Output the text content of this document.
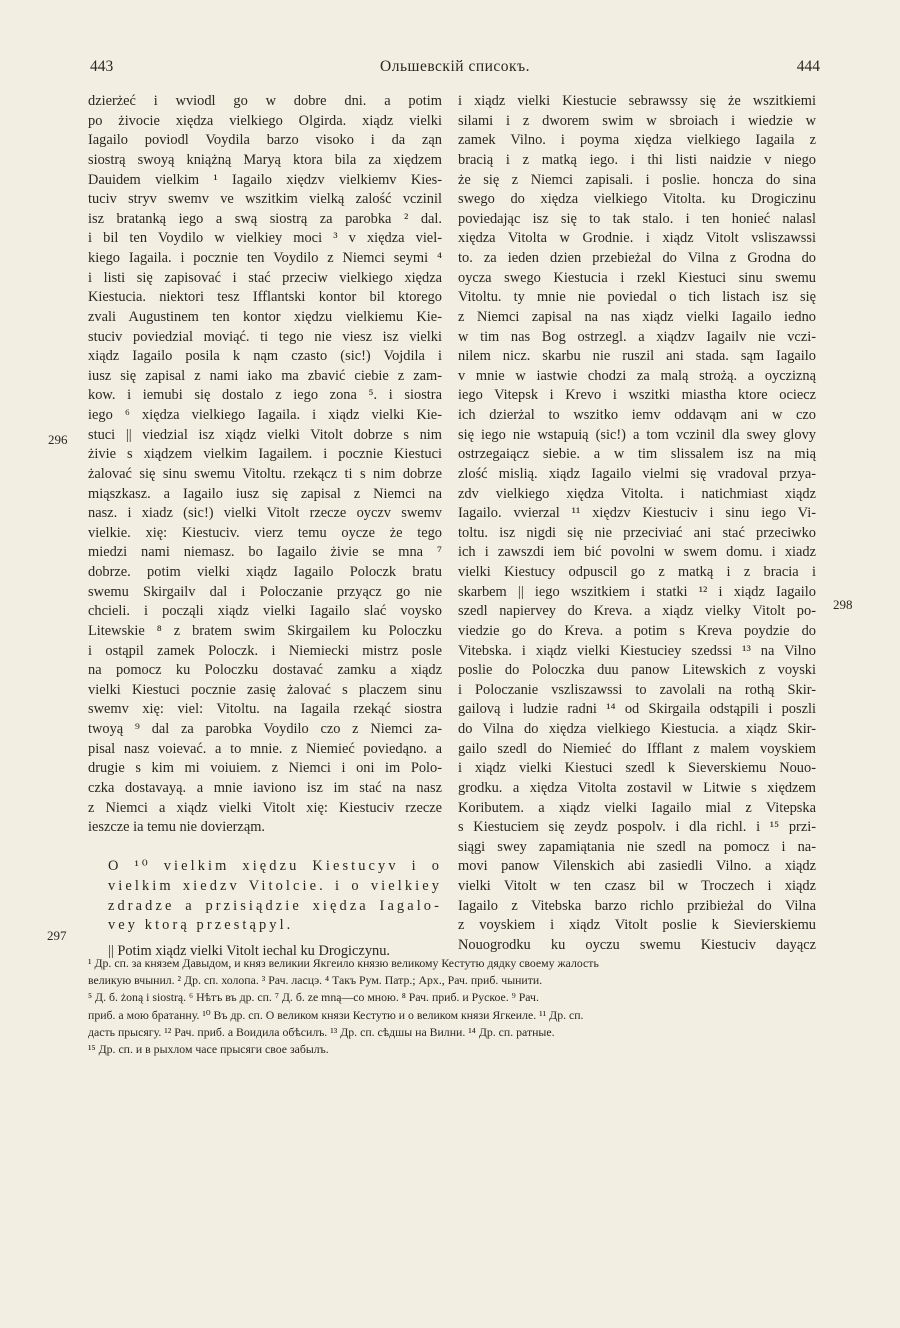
443	Ольшевскій списокъ.	444
296
297
298

dzierżeć i wviodl go w dobre dni. a potim

po żivocie xiędza vielkiego Olgirda. xiądz vielki

Iagailo poviodl Voydila barzo visoko i da ząn

siostrą swoyą kniążną Maryą ktora bila za xiędzem

Dauidem vielkim ¹ Iagailo xiędzv vielkiemv Kies-

tuciv stryv swemv ve wszitkim vielką zalość vczinil

isz bratanką iego a swą siostrą za parobka ² dal.

i bil ten Voydilo w vielkiey moci ³ v xiędza viel-

kiego Iagaila. i pocznie ten Voydilo z Niemci seymi ⁴

i listi się zapisovać i stać przeciw vielkiego xiędza

Kiestucia. niektori tesz Ifflantski kontor bil ktorego

zvali Augustinem ten kontor xiędzu vielkiemu Kie-

stuciv poviedzial moviąć. ti tego nie viesz isz vielki

xiądz Iagailo posila k nąm czasto (sic!) Vojdila i

iusz się zapisal z nami iako ma zbavić ciebie z zam-

kow. i iemubi się dostalo z iego zona ⁵. i siostra

iego ⁶ xiędza vielkiego Iagaila. i xiądz vielki Kie-

stuci || viedzial isz xiądz vielki Vitolt dobrze s nim

żivie s xiądzem vielkim Iagailem. i pocznie Kiestuci

żalovać się sinu swemu Vitoltu. rzekącz ti s nim dobrze

miąszkasz. a Iagailo iusz się zapisal z Niemci na

nasz. i xiadz (sic!) vielki Vitolt rzecze oyczv swemv

vielkie. xię: Kiestuciv. vierz temu oycze że tego

miedzi nami niemasz. bo Iagailo żivie se mna ⁷

dobrze. potim vielki xiądz Iagailo Poloczk bratu

swemu Skirgailv dal i Poloczanie przyącz go nie

chcieli. i począli xiądz vielki Iagailo slać voysko

Litewskie ⁸ z bratem swim Skirgailem ku Poloczku

i ostąpil zamek Poloczk. i Niemiecki mistrz posle

na pomocz ku Poloczku dostavać zamku a xiądz

vielki Kiestuci pocznie zasię żalovać s placzem sinu

swemv xię: viel: Vitoltu. na Iagaila rzekąć siostra

twoyą ⁹ dal za parobka Voydilo czo z Niemci za-

pisal nasz voievać. a to mnie. z Niemieć poviedąno. a

drugie s kim mi voiuiem. z Niemci i oni im Polo-

czka dostavayą. a mnie iaviono isz im stać na nasz

z Niemci a xiądz vielki Vitolt xię: Kiestuciv rzecze

ieszcze ia temu nie dovierząm.

O ¹⁰ vielkim xiędzu Kiestucyv i o

vielkim xiedzv Vitolcie. i o vielkiey

zdradze a przisiądzie xiędza Iagalo-

vey ktorą przestąpyl.

|| Potim xiądz vielki Vitolt iechal ku Drogiczynu.

i xiądz vielki Kiestucie sebrawssy się że wszitkiemi

silami i z dworem swim w sbroiach i wiedzie w

zamek Vilno. i poyma xiędza vielkiego Iagaila z

bracią i z matką iego. i thi listi naidzie v niego

że się z Niemci zapisali. i poslie. honcza do sina

swego do xiędza vielkiego Vitolta. ku Drogiczinu

poviedając isz się to tak stalo. i ten honieć nalasl

xiędza Vitolta w Grodnie. i xiądz Vitolt vsliszawssi

to. za ieden dzien przebieżal do Vilna z Grodna do

oycza swego Kiestucia i rzekl Kiestuci sinu swemu

Vitoltu. ty mnie nie poviedal o tich listach isz się

z Niemci zapisal na nas xiądz vielki Iagailo iedno

w tim nas Bog ostrzegl. a xiądzv Iagailv nie vczi-

nilem nicz. skarbu nie ruszil ani stada. sąm Iagailo

v mnie w iastwie chodzi za malą strożą. a oyczizną

iego Vitepsk i Krevo i wszitki miastha ktore ociecz

ich dzierżal to wszitko iemv oddavąm ani w czo

się iego nie wstapuią (sic!) a tom vczinil dla swey glovy

ostrzegaiącz siebie. a w tim slissalem isz na mią

zlość mislią. xiądz Iagailo vielmi się vradoval przya-

zdv vielkiego xiędza Vitolta. i natichmiast xiądz

Iagailo. vvierzal ¹¹ xiędzv Kiestuciv i sinu iego Vi-

toltu. isz nigdi się nie przeciviać ani stać przeciwko

ich i zawszdi iem bić povolni w swem domu. i xiadz

vielki Kiestucy odpuscil go z matką i z bracia i

skarbem || iego wszitkiem i statki ¹² i xiądz Iagailo

szedl napiervey do Kreva. a xiądz vielky Vitolt po-

viedzie go do Kreva. a potim s Kreva poydzie do

Vitebska. i xiądz vielki Kiestuciey szedssi ¹³ na Vilno

poslie do Poloczka duu panow Litewskich z voyski

i Poloczanie vszliszawssi to zavolali na rothą Skir-

gailovą i ludzie radni ¹⁴ od Skirgaila odstąpili i poszli

do Vilna do xiędza vielkiego Kiestucia. a xiądz Skir-

gailo szedl do Niemieć do Ifflant z malem voyskiem

i xiądz vielki Kiestuci szedl k Sieverskiemu Nouo-

grodku. a xiędza Vitolta zostavil w Litwie s xiędzem

Koributem. a xiądz vielki Iagailo mial z Vitepska

s Kiestuciem się zeydz pospolv. i dla richl. i ¹⁵ przi-

siągi swey zapamiątania nie szedl na pomocz i na-

movi panow Vilenskich abi zasiedli Vilno. a xiądz

vielki Vitolt w ten czasz bil w Troczech i xiądz

Iagailo z Vitebska barzo richlo przibieżal do Vilna

z voyskiem i xiądz Vitolt poslie k Sievierskiemu

Nouogrodku ku oyczu swemu Kiestuciv dayącz

¹ Др. сп. за князем Давыдом, и княз великии Якгеило князю великому Кестутю дядку своему жалость

великую вчынил. ² Др. сп. холопа. ³ Рач. ласцэ. ⁴ Такъ Рум. Патр.; Арх., Рач. приб. чынити.

⁵ Д. б. żoną i siostrą. ⁶ Нѣтъ въ др. сп. ⁷ Д. б. ze mną—со мною. ⁸ Рач. приб. и Руское. ⁹ Рач.

приб. а мою братанну. ¹⁰ Въ др. сп. О великом князи Кестутю и о великом князи Ягкеиле. ¹¹ Др. сп.

дасть прысягу. ¹² Рач. приб. а Воидила обѣсилъ. ¹³ Др. сп. сѣдшы на Вилни. ¹⁴ Др. сп. ратные.

¹⁵ Др. сп. и в рыхлом часе прысяги свое забылъ.
